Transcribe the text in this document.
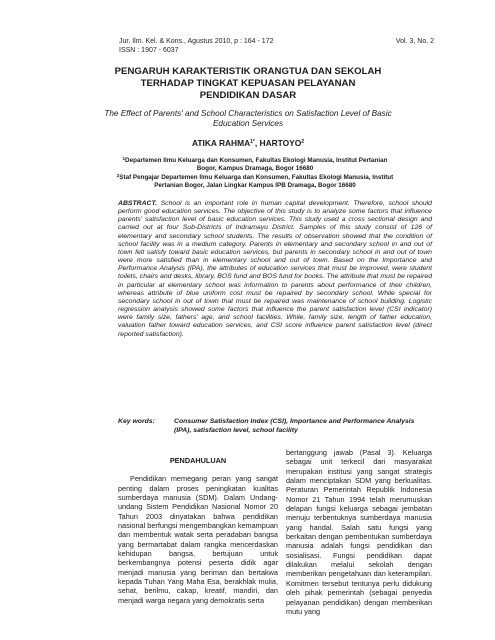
Jur. Ilm. Kel. & Kons., Agustus 2010, p : 164 - 172
ISSN : 1907 - 6037
Vol. 3, No. 2
PENGARUH KARAKTERISTIK ORANGTUA DAN SEKOLAH
TERHADAP TINGKAT KEPUASAN PELAYANAN
PENDIDIKAN DASAR
The Effect of Parents' and School Characteristics on Satisfaction Level of Basic Education Services
ATIKA $RAHMA^{1*}$, HARTOYO$^2$
$^1$Departemen Ilmu Keluarga dan Konsumen, Fakultas Ekologi Manusia, Institut Pertanian Bogor, Kampus Dramaga, Bogor 16680
$^2$Staf Pengajar Departemen Ilmu Keluarga dan Konsumen, Fakultas Ekologi Manusia, Institut Pertanian Bogor, Jalan Lingkar Kampus IPB Dramaga, Bogor 16680
ABSTRACT. School is an important role in human capital development. Therefore, school should perform good education services. The objective of this study is to analyze some factors that influence parents' satisfaction level of basic education services. This study used a cross sectional design and carried out at four Sub-Districts of Indramayu District. Samples of this study consist of 126 of elementary and secondary school students. The results of observation showed that the condition of school facility was in a medium category. Parents in elementary and secondary school in and out of town felt satisfy toward basic education services, but parents in secondary school in and out of town were more satisfied than in elementary school and out of town. Based on the Importance and Performance Analysis (IPA), the attributes of education services that must be improved, were student toilets, chairs and desks, library, BOS fund and BOS fund for books. The attribute that must be repaired in particular at elementary school was information to parents about performance of their children, whereas attribute of blue uniform cost must be repaired by secondary school. While special for secondary school in out of town that must be repaired was maintenance of school building. Logistic regression analysis showed some factors that influence the parent satisfaction level (CSI indicator) were family size, fathers' age, and school facilities. While, family size, length of father education, valuation father toward education services, and CSI score influence parent satisfaction level (direct reported satisfaction).
Key words:	Consumer Satisfaction Index (CSI), Importance and Performance Analysis (IPA), satisfaction level, school facility
PENDAHULUAN

Pendidikan memegang peran yang sangat penting dalam proses peningkatan kualitas sumberdaya manusia (SDM). Dalam Undang-undang Sistem Pendidikan Nasional Nomor 20 Tahun 2003 dinyatakan bahwa pendidikan nasional berfungsi mengembangkan kemampuan dan membentuk watak serta peradaban bangsa yang bermartabat dalam rangka mencerdaskan kehidupan bangsa, bertujuan untuk berkembangnya potensi peserta didik agar menjadi manusia yang beriman dan bertakwa kepada Tuhan Yang Maha Esa, berakhlak mulia, sehat, berilmu, cakap, kreatif, mandiri, dan menjadi warga negara yang demokratis serta

bertanggung jawab (Pasal 3). Keluarga sebagai unit terkecil dari masyarakat merupakan institusi yang sangat strategis dalam menciptakan SDM yang berkualitas. Peraturan Pemerintah Republik Indonesia Nomor 21 Tahun 1994 telah merumuskan delapan fungsi keluarga sebagai jembatan menuju terbentuknya sumberdaya manusia yang handal. Salah satu fungsi yang berkaitan dengan pembentukan sumberdaya manusia adalah fungsi pendidikan dan sosialisasi. Fungsi pendidikan dapat dilakukan melalui sekolah dengan memberikan pengetahuan dan keterampilan. Komitmen tersebut tentunya perlu didukung oleh pihak pemerintah (sebagai penyedia pelayanan pendidikan) dengan memberikan mutu yang
